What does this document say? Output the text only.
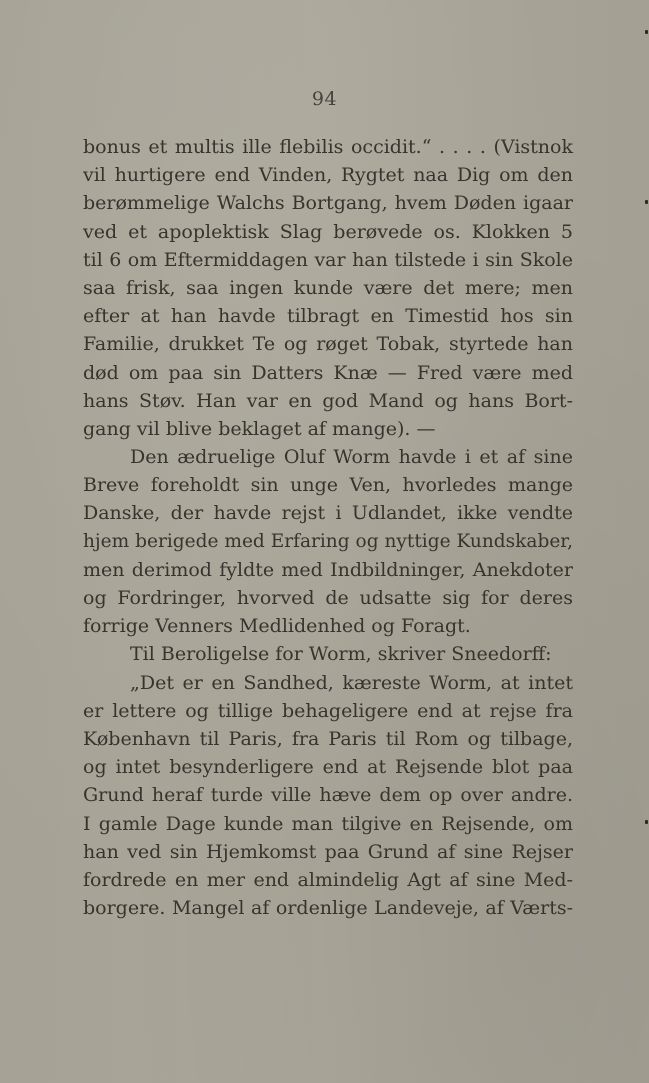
94
bonus et multis ille flebilis occidit.“ . . . . (Vistnok
vil hurtigere end Vinden, Rygtet naa Dig om den
berømmelige Walchs Bortgang, hvem Døden igaar
ved et apoplektisk Slag berøvede os. Klokken 5
til 6 om Eftermiddagen var han tilstede i sin Skole
saa frisk, saa ingen kunde være det mere; men
efter at han havde tilbragt en Timestid hos sin
Familie, drukket Te og røget Tobak, styrtede han
død om paa sin Datters Knæ — Fred være med
hans Støv. Han var en god Mand og hans Bort-
gang vil blive beklaget af mange). —
Den ædruelige Oluf Worm havde i et af sine
Breve foreholdt sin unge Ven, hvorledes mange
Danske, der havde rejst i Udlandet, ikke vendte
hjem berigede med Erfaring og nyttige Kundskaber,
men derimod fyldte med Indbildninger, Anekdoter
og Fordringer, hvorved de udsatte sig for deres
forrige Venners Medlidenhed og Foragt.
Til Beroligelse for Worm, skriver Sneedorff:
„Det er en Sandhed, kæreste Worm, at intet
er lettere og tillige behageligere end at rejse fra
København til Paris, fra Paris til Rom og tilbage,
og intet besynderligere end at Rejsende blot paa
Grund heraf turde ville hæve dem op over andre.
I gamle Dage kunde man tilgive en Rejsende, om
han ved sin Hjemkomst paa Grund af sine Rejser
fordrede en mer end almindelig Agt af sine Med-
borgere. Mangel af ordenlige Landeveje, af Værts-
